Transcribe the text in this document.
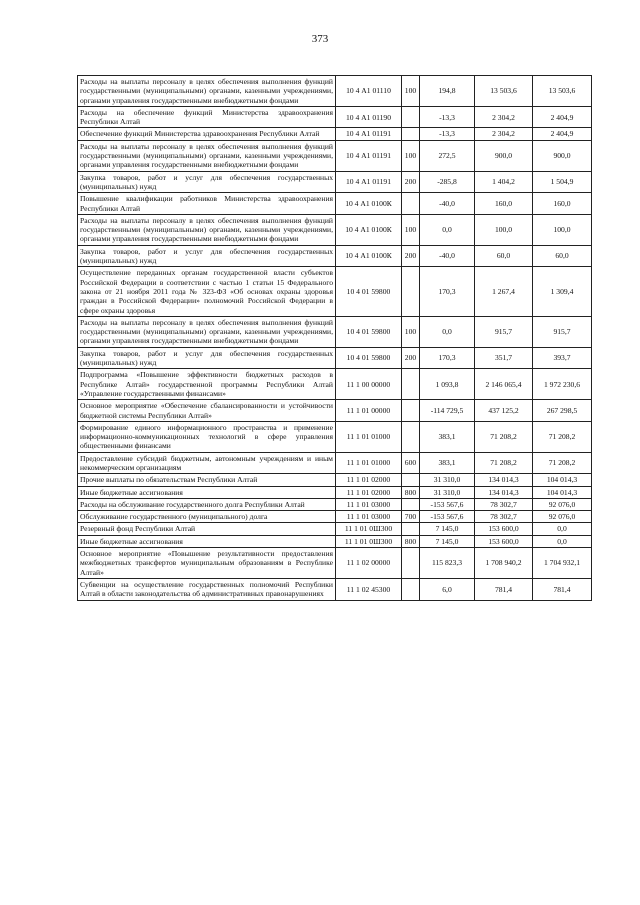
373
Расходы на выплаты персоналу в целях обеспечения выполнения функций государственными (муниципальными) органами, казенными учреждениями, органами управления государственными внебюджетными фондами	10 4 А1 01110	100	194,8	13 503,6	13 503,6
Расходы на обеспечение функций Министерства здравоохранения Республики Алтай	10 4 А1 01190		-13,3	2 304,2	2 404,9
Обеспечение функций Министерства здравоохранения Республики Алтай	10 4 А1 01191		-13,3	2 304,2	2 404,9
Расходы на выплаты персоналу в целях обеспечения выполнения функций государственными (муниципальными) органами, казенными учреждениями, органами управления государственными внебюджетными фондами	10 4 А1 01191	100	272,5	900,0	900,0
Закупка товаров, работ и услуг для обеспечения государственных (муниципальных) нужд	10 4 А1 01191	200	-285,8	1 404,2	1 504,9
Повышение квалификации работников Министерства здравоохранения Республики Алтай	10 4 А1 0100К		-40,0	160,0	160,0
Расходы на выплаты персоналу в целях обеспечения выполнения функций государственными (муниципальными) органами, казенными учреждениями, органами управления государственными внебюджетными фондами	10 4 А1 0100К	100	0,0	100,0	100,0
Закупка товаров, работ и услуг для обеспечения государственных (муниципальных) нужд	10 4 А1 0100К	200	-40,0	60,0	60,0
Осуществление переданных органам государственной власти субъектов Российской Федерации в соответствии с частью 1 статьи 15 Федерального закона от 21 ноября 2011 года № 323-ФЗ «Об основах охраны здоровья граждан в Российской Федерации» полномочий Российской Федерации в сфере охраны здоровья	10 4 01 59800		170,3	1 267,4	1 309,4
Расходы на выплаты персоналу в целях обеспечения выполнения функций государственными (муниципальными) органами, казенными учреждениями, органами управления государственными внебюджетными фондами	10 4 01 59800	100	0,0	915,7	915,7
Закупка товаров, работ и услуг для обеспечения государственных (муниципальных) нужд	10 4 01 59800	200	170,3	351,7	393,7
Подпрограмма «Повышение эффективности бюджетных расходов в Республике Алтай» государственной программы Республики Алтай «Управление государственными финансами»	11 1 00 00000		1 093,8	2 146 065,4	1 972 230,6
Основное мероприятие «Обеспечение сбалансированности и устойчивости бюджетной системы Республики Алтай»	11 1 01 00000		-114 729,5	437 125,2	267 298,5
Формирование единого информационного пространства и применение информационно-коммуникационных технологий в сфере управления общественными финансами	11 1 01 01000		383,1	71 208,2	71 208,2
Предоставление субсидий бюджетным, автономным учреждениям и иным некоммерческим организациям	11 1 01 01000	600	383,1	71 208,2	71 208,2
Прочие выплаты по обязательствам Республики Алтай	11 1 01 02000		31 310,0	134 014,3	104 014,3
Иные бюджетные ассигнования	11 1 01 02000	800	31 310,0	134 014,3	104 014,3
Расходы на обслуживание государственного долга Республики Алтай	11 1 01 03000		-153 567,6	78 302,7	92 076,0
Обслуживание государственного (муниципального) долга	11 1 01 03000	700	-153 567,6	78 302,7	92 076,0
Резервный фонд Республики Алтай	11 1 01 0Ш300		7 145,0	153 600,0	0,0
Иные бюджетные ассигнования	11 1 01 0Ш300	800	7 145,0	153 600,0	0,0
Основное мероприятие «Повышение результативности предоставления межбюджетных трансфертов муниципальным образованиям в Республике Алтай»	11 1 02 00000		115 823,3	1 708 940,2	1 704 932,1
Субвенции на осуществление государственных полномочий Республики Алтай в области законодательства об административных правонарушениях	11 1 02 45300		6,0	781,4	781,4
